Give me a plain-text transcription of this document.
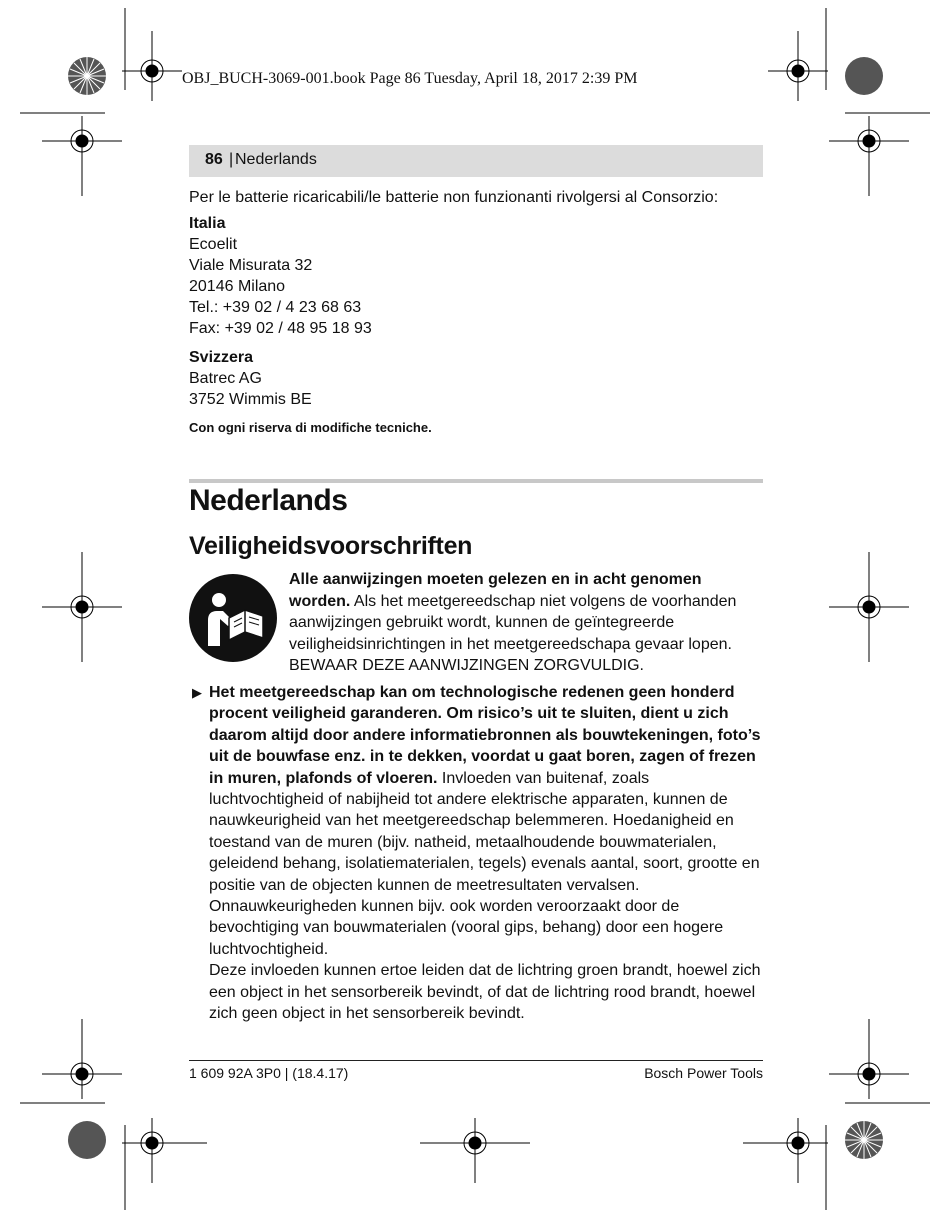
OBJ_BUCH-3069-001.book Page 86 Tuesday, April 18, 2017 2:39 PM
86 | Nederlands
Per le batterie ricaricabili/le batterie non funzionanti rivolgersi al Consorzio:
Italia
Ecoelit
Viale Misurata 32
20146 Milano
Tel.: +39 02 / 4 23 68 63
Fax: +39 02 / 48 95 18 93
Svizzera
Batrec AG
3752 Wimmis BE
Con ogni riserva di modifiche tecniche.
Nederlands
Veiligheidsvoorschriften
Alle aanwijzingen moeten gelezen en in acht genomen worden. Als het meetgereedschap niet volgens de voorhanden aanwijzingen gebruikt wordt, kunnen de geïntegreerde veiligheidsinrichtingen in het meetgereedschapa gevaar lopen. BEWAAR DEZE AANWIJZINGEN ZORGVULDIG.
▶ Het meetgereedschap kan om technologische redenen geen honderd procent veiligheid garanderen. Om risico’s uit te sluiten, dient u zich daarom altijd door andere informatiebronnen als bouwtekeningen, foto’s uit de bouwfase enz. in te dekken, voordat u gaat boren, zagen of frezen in muren, plafonds of vloeren. Invloeden van buitenaf, zoals luchtvochtigheid of nabijheid tot andere elektrische apparaten, kunnen de nauwkeurigheid van het meetgereedschap belemmeren. Hoedanigheid en toestand van de muren (bijv. natheid, metaalhoudende bouwmaterialen, geleidend behang, isolatiematerialen, tegels) evenals aantal, soort, grootte en positie van de objecten kunnen de meetresultaten vervalsen. Onnauwkeurigheden kunnen bijv. ook worden veroorzaakt door de bevochtiging van bouwmaterialen (vooral gips, behang) door een hogere luchtvochtigheid.
Deze invloeden kunnen ertoe leiden dat de lichtring groen brandt, hoewel zich een object in het sensorbereik bevindt, of dat de lichtring rood brandt, hoewel zich geen object in het sensorbereik bevindt.
1 609 92A 3P0 | (18.4.17)	Bosch Power Tools
